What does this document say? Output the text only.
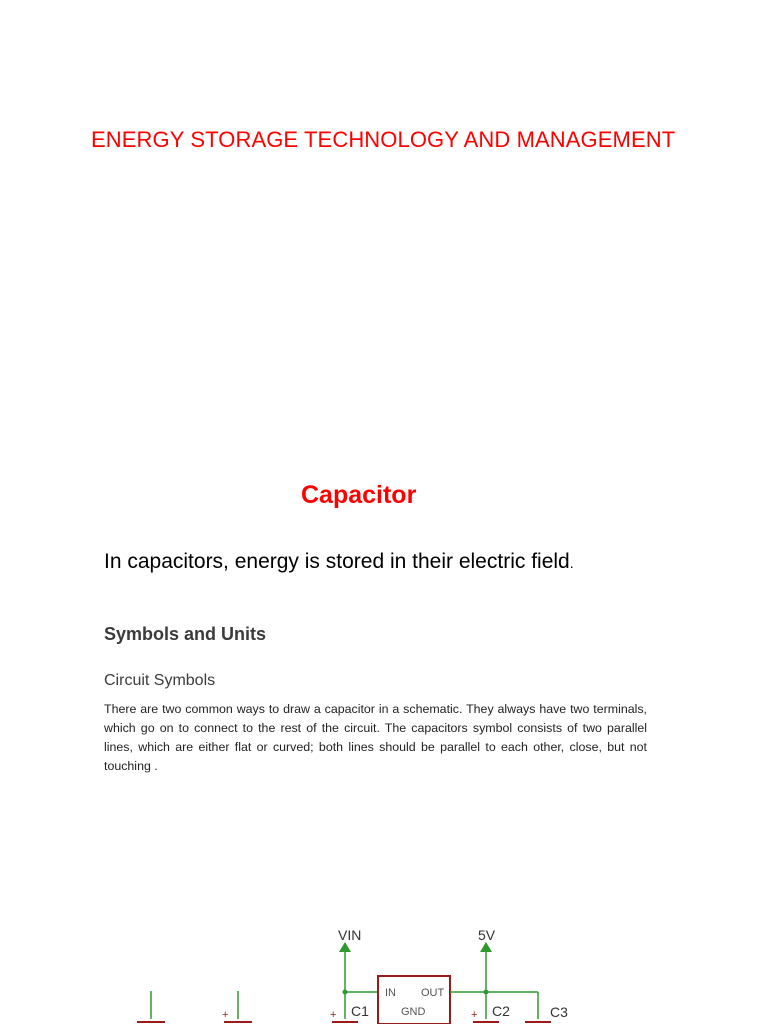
ENERGY STORAGE TECHNOLOGY AND MANAGEMENT
Capacitor
In capacitors, energy is stored in their electric field.
Symbols and Units
Circuit Symbols
There are two common ways to draw a capacitor in a schematic. They always have two terminals, which go on to connect to the rest of the circuit. The capacitors symbol consists of two parallel lines, which are either flat or curved; both lines should be parallel to each other, close, but not touching .
+
VIN
+ C1
IN OUT
GND
5V
+ C2	C3
